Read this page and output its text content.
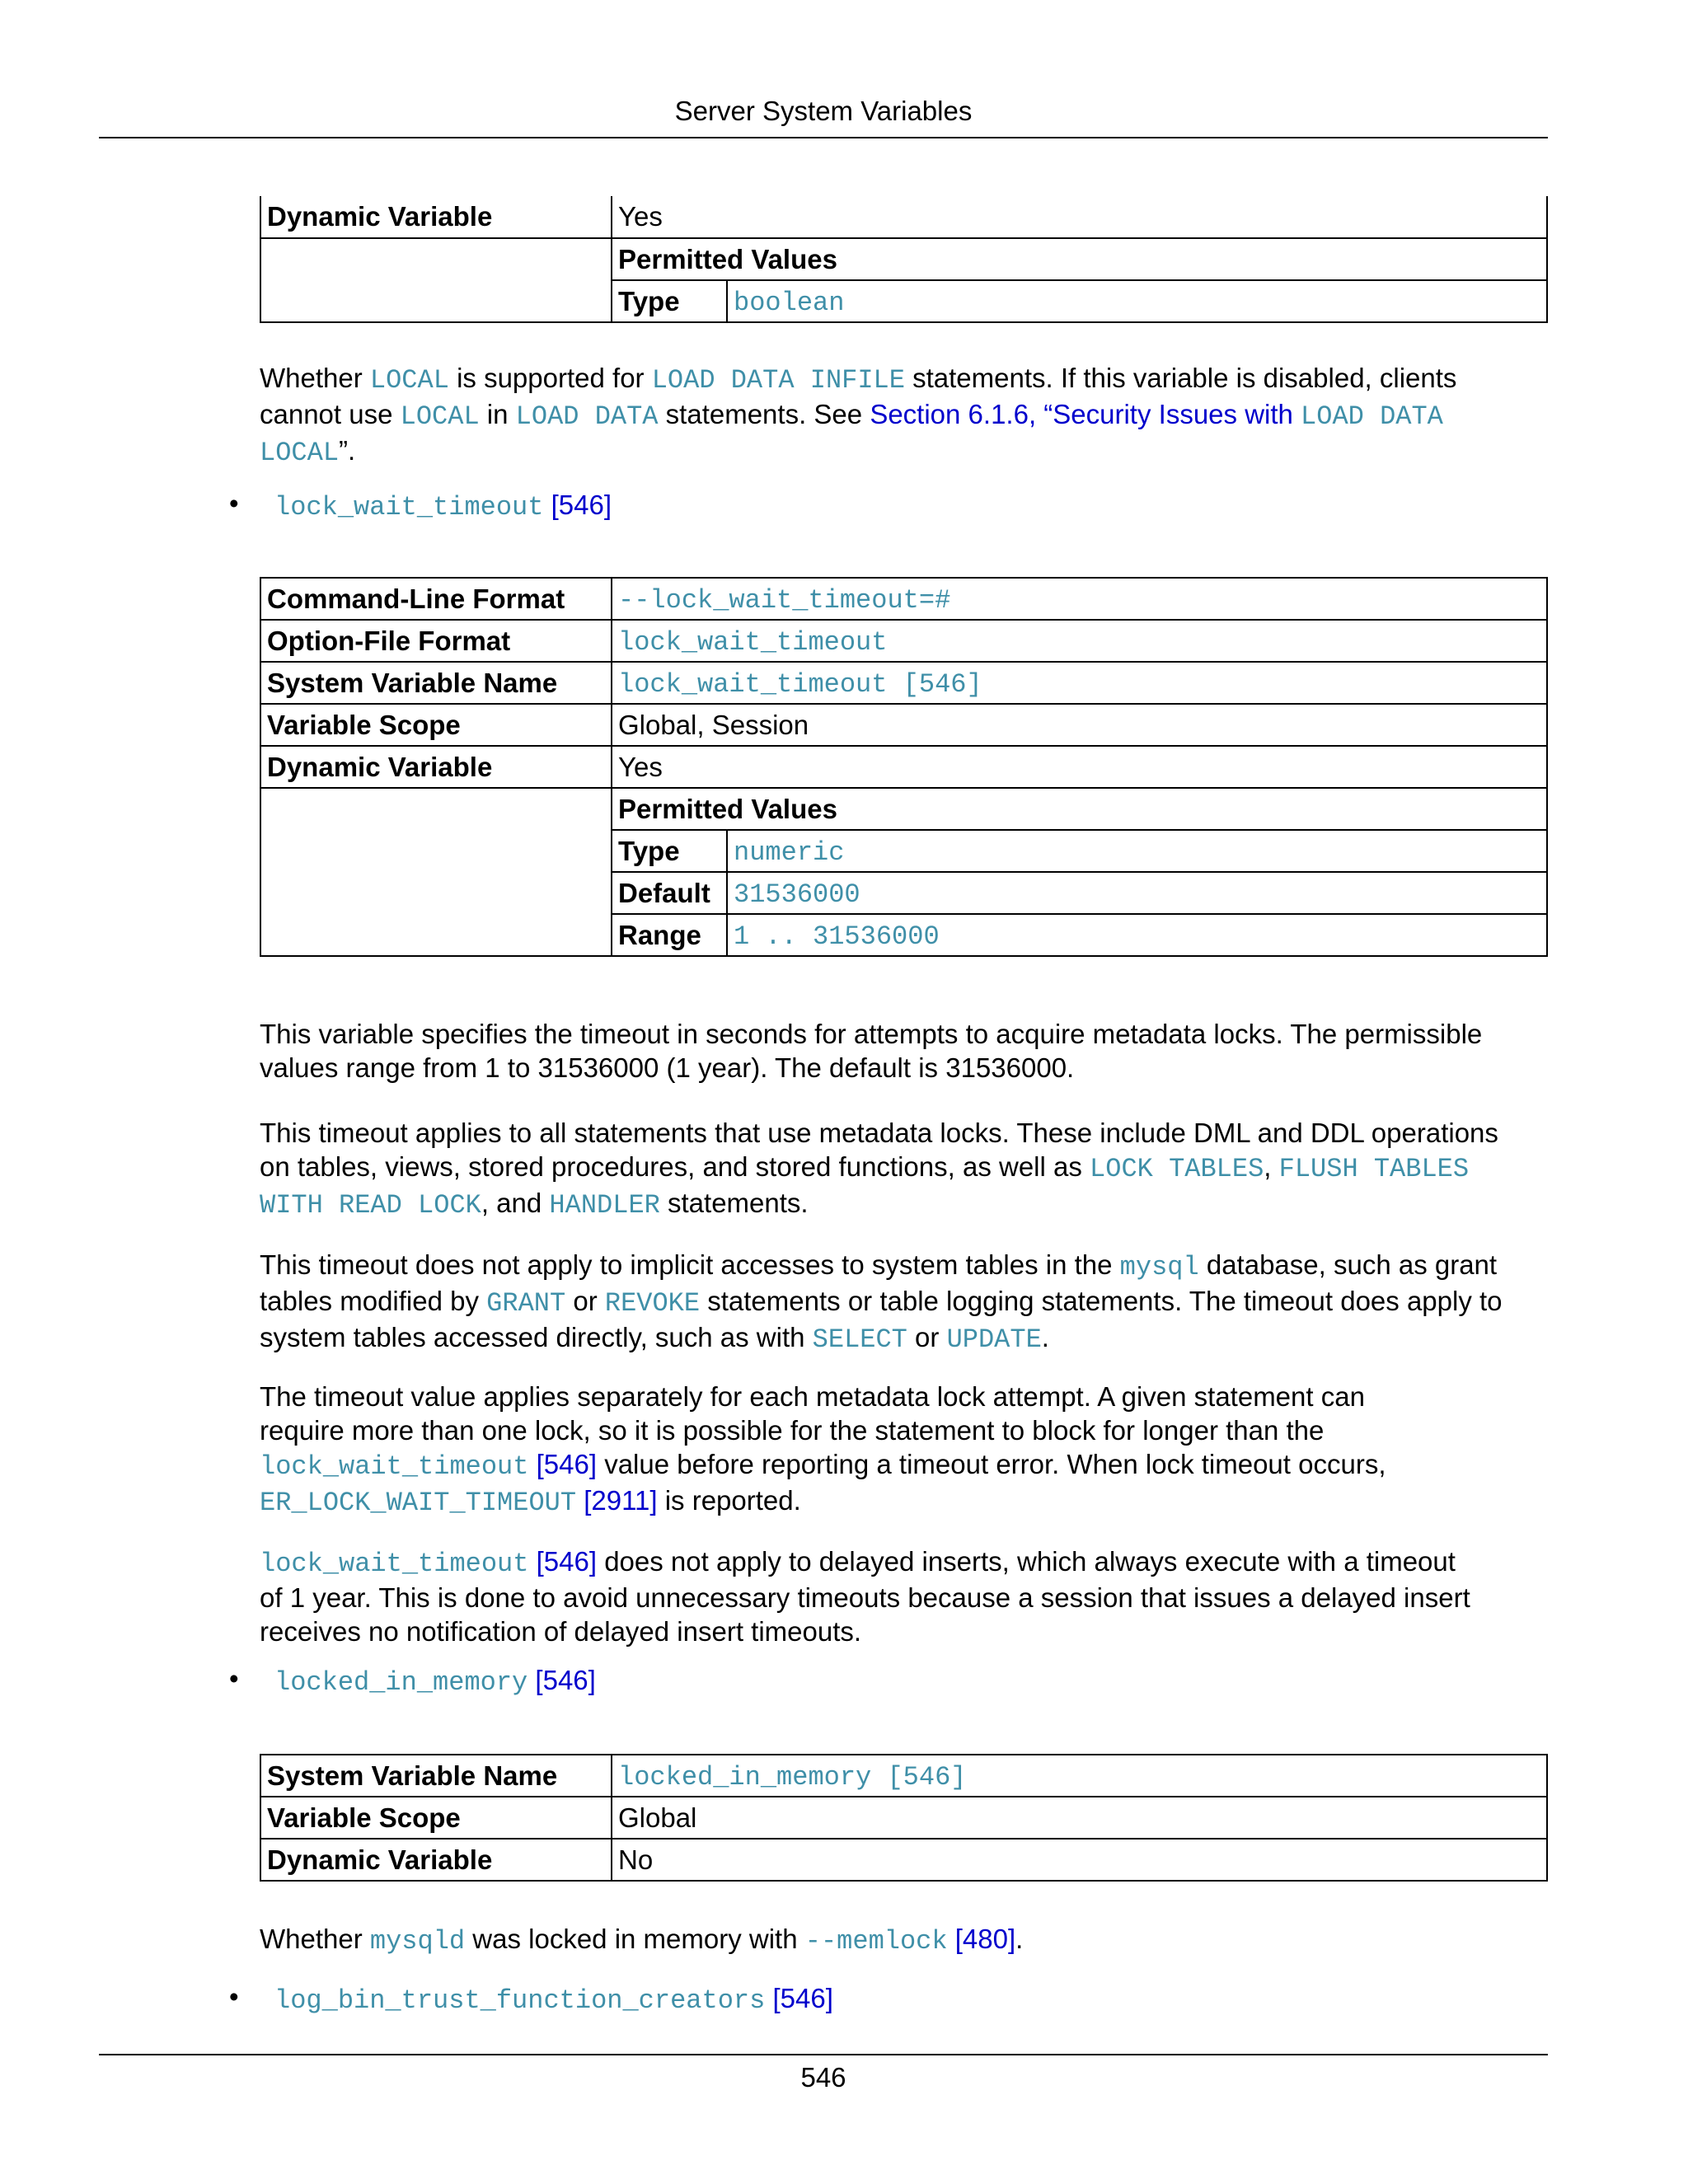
Server System Variables
Dynamic Variable	Yes	
	Permitted Values	
	Type	boolean
Whether LOCAL is supported for LOAD DATA INFILE statements. If this variable is disabled, clients
cannot use LOCAL in LOAD DATA statements. See Section 6.1.6, “Security Issues with LOAD DATA
LOCAL”.
• lock_wait_timeout [546]
Command-Line Format	--lock_wait_timeout=#	
Option-File Format	lock_wait_timeout	
System Variable Name	lock_wait_timeout [546]	
Variable Scope	Global, Session	
Dynamic Variable	Yes	
	Permitted Values	
	Type	numeric
	Default	31536000
	Range	1 .. 31536000
This variable specifies the timeout in seconds for attempts to acquire metadata locks. The permissible
values range from 1 to 31536000 (1 year). The default is 31536000.
This timeout applies to all statements that use metadata locks. These include DML and DDL operations
on tables, views, stored procedures, and stored functions, as well as LOCK TABLES, FLUSH TABLES
WITH READ LOCK, and HANDLER statements.
This timeout does not apply to implicit accesses to system tables in the mysql database, such as grant
tables modified by GRANT or REVOKE statements or table logging statements. The timeout does apply to
system tables accessed directly, such as with SELECT or UPDATE.
The timeout value applies separately for each metadata lock attempt. A given statement can
require more than one lock, so it is possible for the statement to block for longer than the
lock_wait_timeout [546] value before reporting a timeout error. When lock timeout occurs,
ER_LOCK_WAIT_TIMEOUT [2911] is reported.
lock_wait_timeout [546] does not apply to delayed inserts, which always execute with a timeout
of 1 year. This is done to avoid unnecessary timeouts because a session that issues a delayed insert
receives no notification of delayed insert timeouts.
• locked_in_memory [546]
System Variable Name	locked_in_memory [546]
Variable Scope	Global
Dynamic Variable	No
Whether mysqld was locked in memory with --memlock [480].
• log_bin_trust_function_creators [546]
546
